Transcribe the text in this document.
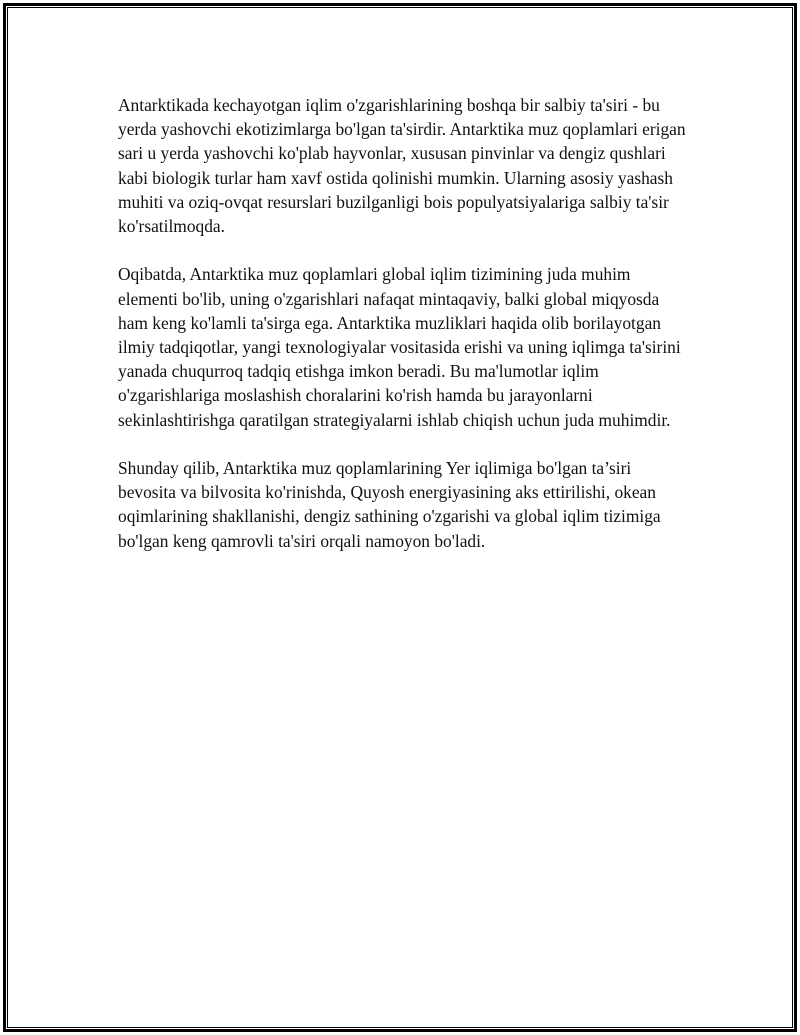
Antarktikada kechayotgan iqlim o'zgarishlarining boshqa bir salbiy ta'siri - bu yerda yashovchi ekotizimlarga bo'lgan ta'sirdir. Antarktika muz qoplamlari erigan sari u yerda yashovchi ko'plab hayvonlar, xususan pinvinlar va dengiz qushlari kabi biologik turlar ham xavf ostida qolinishi mumkin. Ularning asosiy yashash muhiti va oziq-ovqat resurslari buzilganligi bois populyatsiyalariga salbiy ta'sir ko'rsatilmoqda.

Oqibatda, Antarktika muz qoplamlari global iqlim tizimining juda muhim elementi bo'lib, uning o'zgarishlari nafaqat mintaqaviy, balki global miqyosda ham keng ko'lamli ta'sirga ega. Antarktika muzliklari haqida olib borilayotgan ilmiy tadqiqotlar, yangi texnologiyalar vositasida erishi va uning iqlimga ta'sirini yanada chuqurroq tadqiq etishga imkon beradi. Bu ma'lumotlar iqlim o'zgarishlariga moslashish choralarini ko'rish hamda bu jarayonlarni sekinlashtirishga qaratilgan strategiyalarni ishlab chiqish uchun juda muhimdir.

Shunday qilib, Antarktika muz qoplamlarining Yer iqlimiga bo'lgan ta’siri bevosita va bilvosita ko'rinishda, Quyosh energiyasining aks ettirilishi, okean oqimlarining shakllanishi, dengiz sathining o'zgarishi va global iqlim tizimiga bo'lgan keng qamrovli ta'siri orqali namoyon bo'ladi.
